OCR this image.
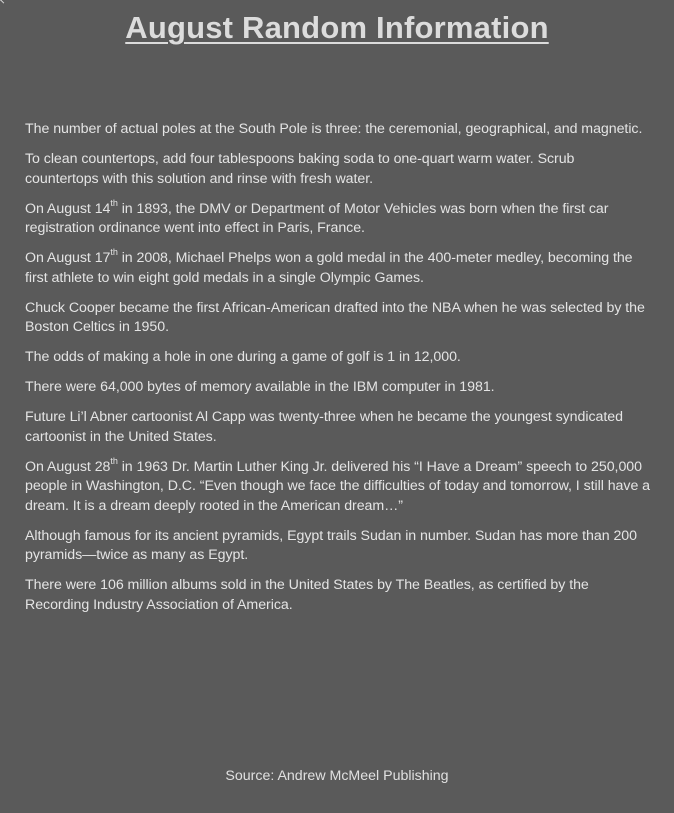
August Random Information
The number of actual poles at the South Pole is three: the ceremonial, geographical, and magnetic.
To clean countertops, add four tablespoons baking soda to one-quart warm water. Scrub countertops with this solution and rinse with fresh water.
On August 14th in 1893, the DMV or Department of Motor Vehicles was born when the first car registration ordinance went into effect in Paris, France.
On August 17th in 2008, Michael Phelps won a gold medal in the 400-meter medley, becoming the first athlete to win eight gold medals in a single Olympic Games.
Chuck Cooper became the first African-American drafted into the NBA when he was selected by the Boston Celtics in 1950.
The odds of making a hole in one during a game of golf is 1 in 12,000.
There were 64,000 bytes of memory available in the IBM computer in 1981.
Future Li’l Abner cartoonist Al Capp was twenty-three when he became the youngest syndicated cartoonist in the United States.
On August 28th in 1963 Dr. Martin Luther King Jr. delivered his “I Have a Dream” speech to 250,000 people in Washington, D.C. “Even though we face the difficulties of today and tomorrow, I still have a dream. It is a dream deeply rooted in the American dream…”
Although famous for its ancient pyramids, Egypt trails Sudan in number. Sudan has more than 200 pyramids—twice as many as Egypt.
There were 106 million albums sold in the United States by The Beatles, as certified by the Recording Industry Association of America.

Source: Andrew McMeel Publishing
